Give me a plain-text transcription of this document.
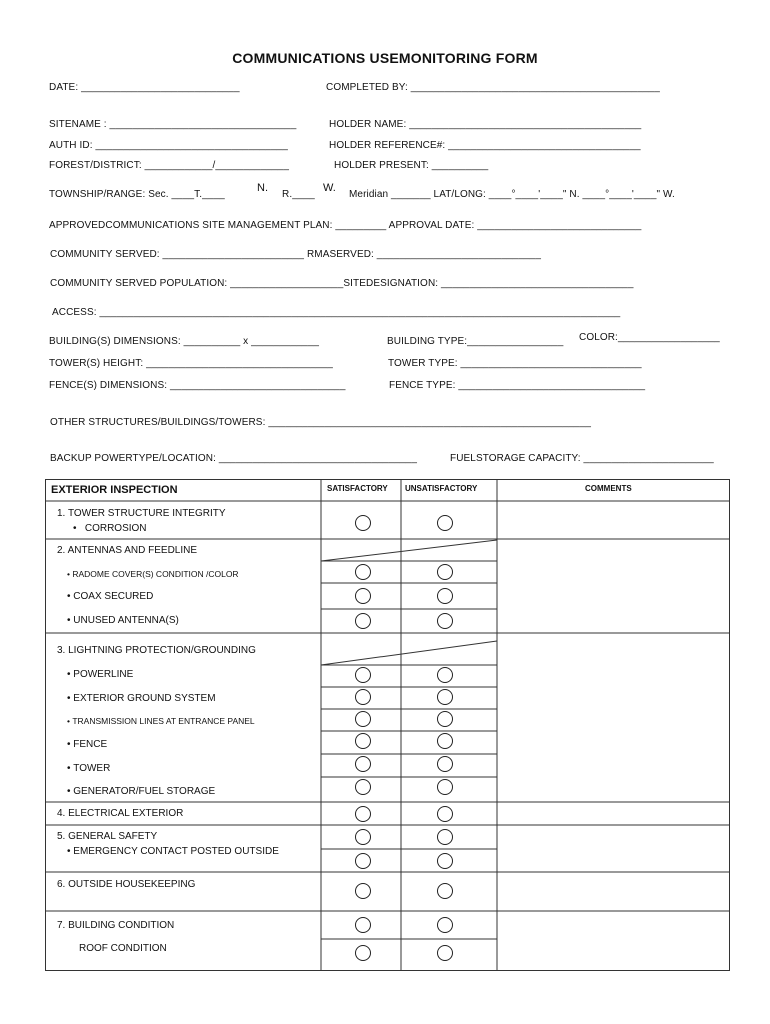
COMMUNICATIONS USEMONITORING FORM
DATE: ____________________________	COMPLETED BY: ____________________________________________
SITENAME : _________________________________	HOLDER NAME: _________________________________________
AUTH ID: __________________________________	HOLDER REFERENCE#: __________________________________
FOREST/DISTRICT: ____________/_____________	HOLDER PRESENT: __________
TOWNSHIP/RANGE: Sec. ____T.____
N.
R.____
W.
Meridian _______ LAT/LONG: ____°____'____" N. ____°____'____" W.
APPROVEDCOMMUNICATIONS SITE MANAGEMENT PLAN: _________ APPROVAL DATE: _____________________________
COMMUNITY SERVED: _________________________ RMASERVED: _____________________________
COMMUNITY SERVED POPULATION: ____________________SITEDESIGNATION: __________________________________
ACCESS: ____________________________________________________________________________________________
BUILDING(S) DIMENSIONS: __________ x ____________	BUILDING TYPE:_________________ COLOR:__________________
TOWER(S) HEIGHT: _________________________________	TOWER TYPE: ________________________________
FENCE(S) DIMENSIONS: _______________________________	FENCE TYPE: _________________________________
OTHER STRUCTURES/BUILDINGS/TOWERS: _________________________________________________________
BACKUP POWERTYPE/LOCATION: ___________________________________	FUELSTORAGE CAPACITY: _______________________
EXTERIOR INSPECTION	SATISFACTORY UNSATISFACTORY	COMMENTS
1. TOWER STRUCTURE INTEGRITY
•   CORROSION
2. ANTENNAS AND FEEDLINE
• RADOME COVER(S) CONDITION /COLOR
• COAX SECURED
• UNUSED ANTENNA(S)
3. LIGHTNING PROTECTION/GROUNDING
• POWERLINE
• EXTERIOR GROUND SYSTEM
• TRANSMISSION LINES AT ENTRANCE PANEL
• FENCE
• TOWER
• GENERATOR/FUEL STORAGE
4. ELECTRICAL EXTERIOR
5. GENERAL SAFETY
• EMERGENCY CONTACT POSTED OUTSIDE
6. OUTSIDE HOUSEKEEPING
7. BUILDING CONDITION
ROOF CONDITION
